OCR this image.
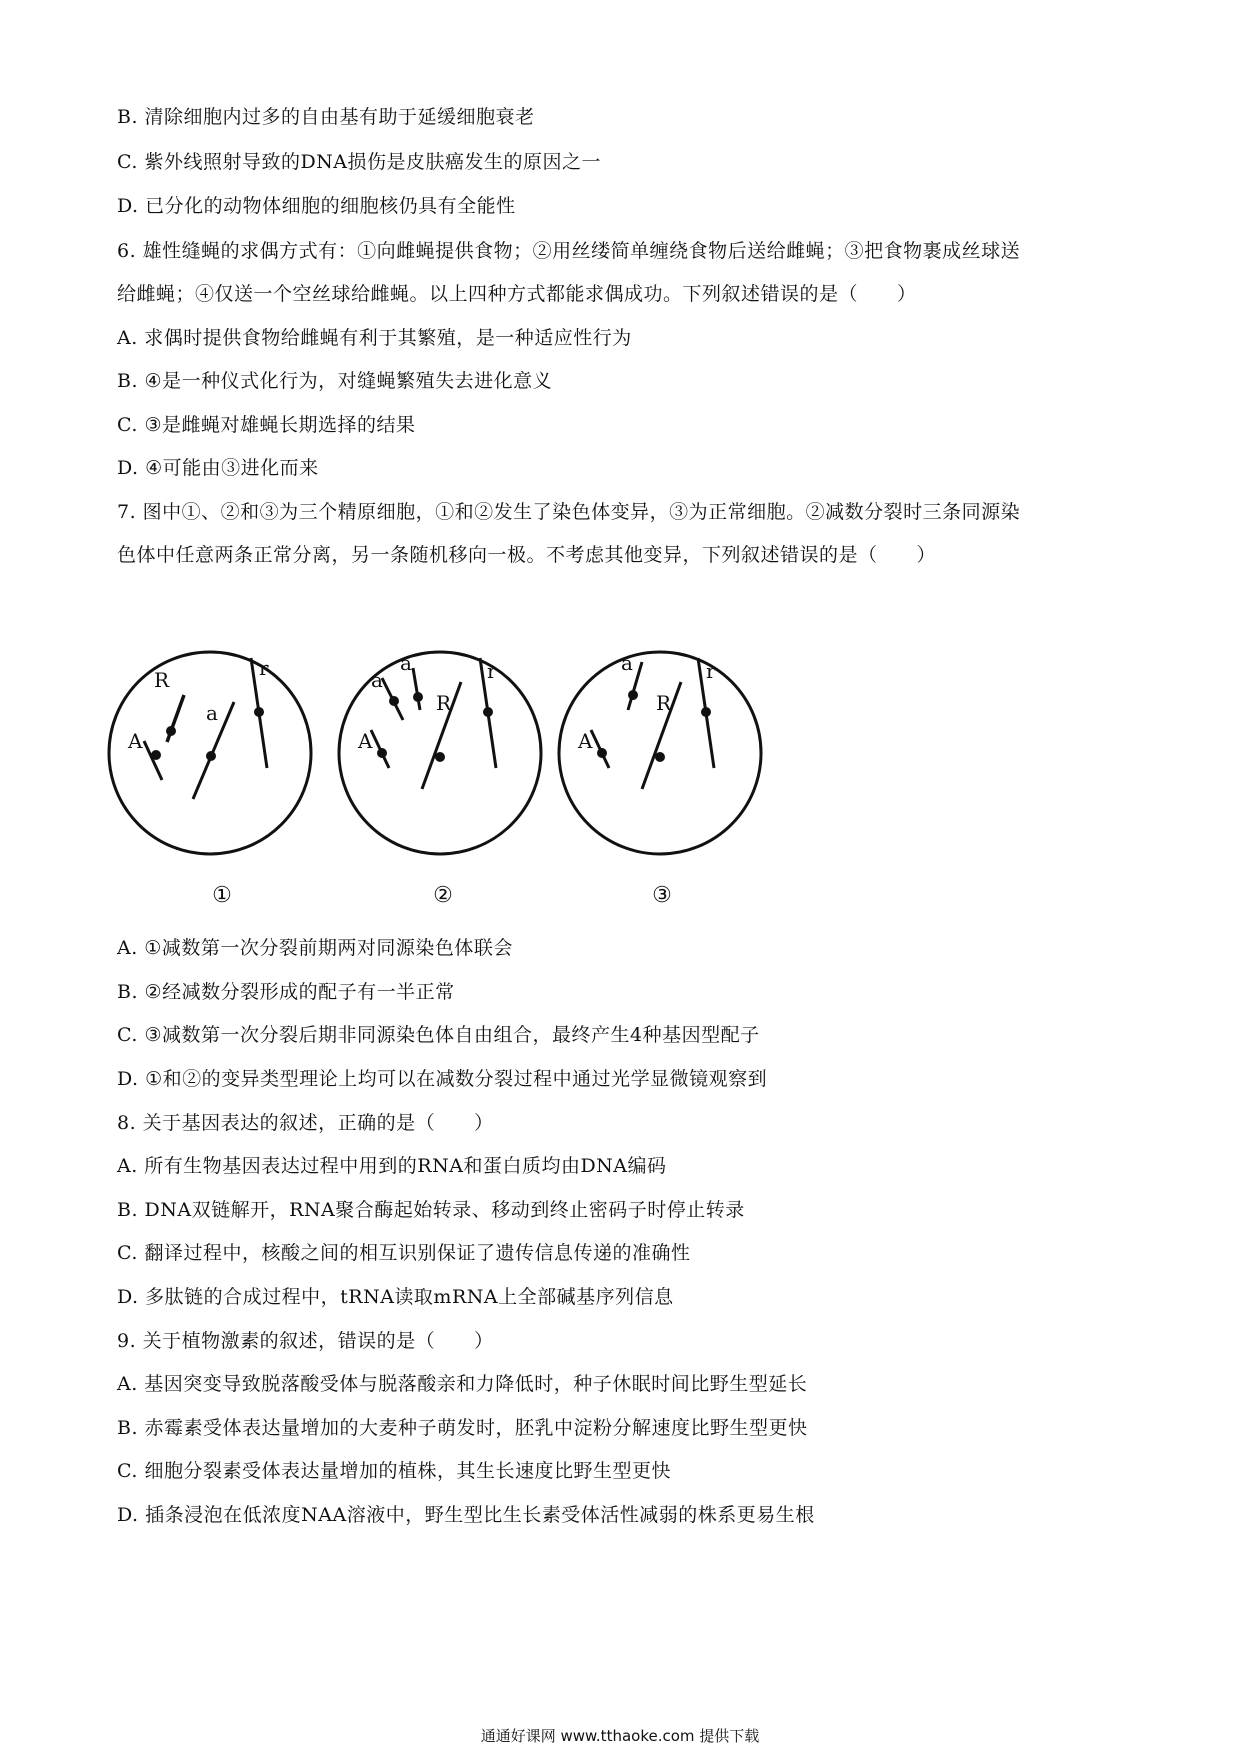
B. 清除细胞内过多的自由基有助于延缓细胞衰老
C. 紫外线照射导致的DNA损伤是皮肤癌发生的原因之一
D. 已分化的动物体细胞的细胞核仍具有全能性
6. 雄性缝蝇的求偶方式有：①向雌蝇提供食物；②用丝缕简单缠绕食物后送给雌蝇；③把食物裹成丝球送
给雌蝇；④仅送一个空丝球给雌蝇。以上四种方式都能求偶成功。下列叙述错误的是（　　）
A. 求偶时提供食物给雌蝇有利于其繁殖，是一种适应性行为
B. ④是一种仪式化行为，对缝蝇繁殖失去进化意义
C. ③是雌蝇对雄蝇长期选择的结果
D. ④可能由③进化而来
7. 图中①、②和③为三个精原细胞，①和②发生了染色体变异，③为正常细胞。②减数分裂时三条同源染
色体中任意两条正常分离，另一条随机移向一极。不考虑其他变异，下列叙述错误的是（　　）
R
A
a
r	a
a
A
R
r	a
A
R
r
①	②	③
A. ①减数第一次分裂前期两对同源染色体联会
B. ②经减数分裂形成的配子有一半正常
C. ③减数第一次分裂后期非同源染色体自由组合，最终产生4种基因型配子
D. ①和②的变异类型理论上均可以在减数分裂过程中通过光学显微镜观察到
8. 关于基因表达的叙述，正确的是（　　）
A. 所有生物基因表达过程中用到的RNA和蛋白质均由DNA编码
B. DNA双链解开，RNA聚合酶起始转录、移动到终止密码子时停止转录
C. 翻译过程中，核酸之间的相互识别保证了遗传信息传递的准确性
D. 多肽链的合成过程中，tRNA读取mRNA上全部碱基序列信息
9. 关于植物激素的叙述，错误的是（　　）
A. 基因突变导致脱落酸受体与脱落酸亲和力降低时，种子休眠时间比野生型延长
B. 赤霉素受体表达量增加的大麦种子萌发时，胚乳中淀粉分解速度比野生型更快
C. 细胞分裂素受体表达量增加的植株，其生长速度比野生型更快
D. 插条浸泡在低浓度NAA溶液中，野生型比生长素受体活性减弱的株系更易生根
通通好课网 www.tthaoke.com 提供下载
